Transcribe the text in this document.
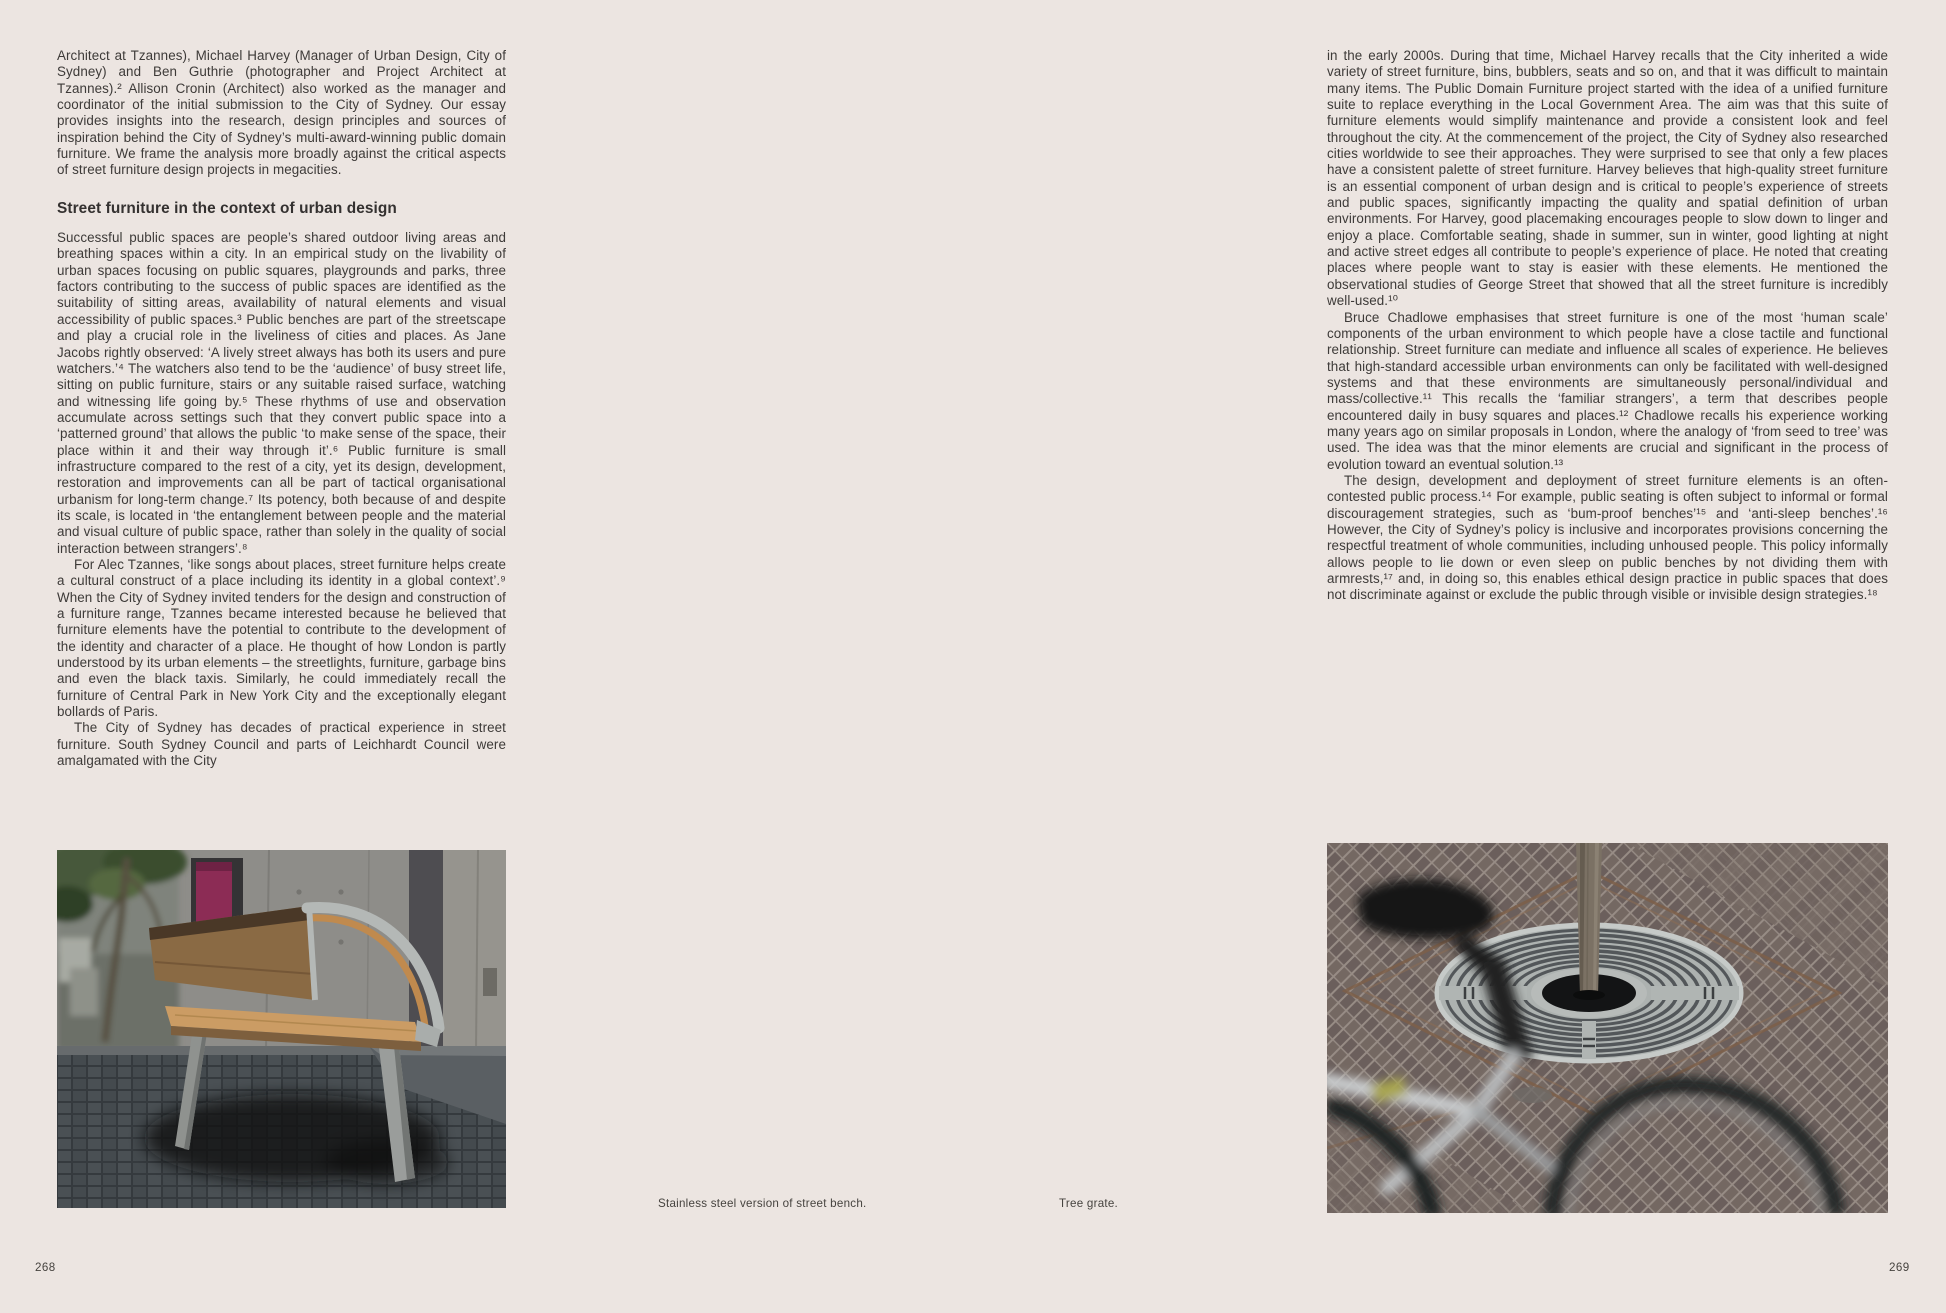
Architect at Tzannes), Michael Harvey (Manager of Urban Design, City of Sydney) and Ben Guthrie (photographer and Project Architect at Tzannes).² Allison Cronin (Architect) also worked as the manager and coordinator of the initial submission to the City of Sydney. Our essay provides insights into the research, design principles and sources of inspiration behind the City of Sydney’s multi-award-winning public domain furniture. We frame the analysis more broadly against the critical aspects of street furniture design projects in megacities.

Street furniture in the context of urban design

Successful public spaces are people’s shared outdoor living areas and breathing spaces within a city. In an empirical study on the livability of urban spaces focusing on public squares, playgrounds and parks, three factors contributing to the success of public spaces are identified as the suitability of sitting areas, availability of natural elements and visual accessibility of public spaces.³ Public benches are part of the streetscape and play a crucial role in the liveliness of cities and places. As Jane Jacobs rightly observed: ‘A lively street always has both its users and pure watchers.’⁴ The watchers also tend to be the ‘audience’ of busy street life, sitting on public furniture, stairs or any suitable raised surface, watching and witnessing life going by.⁵ These rhythms of use and observation accumulate across settings such that they convert public space into a ‘patterned ground’ that allows the public ‘to make sense of the space, their place within it and their way through it’.⁶ Public furniture is small infrastructure compared to the rest of a city, yet its design, development, restoration and improvements can all be part of tactical organisational urbanism for long-term change.⁷ Its potency, both because of and despite its scale, is located in ‘the entanglement between people and the material and visual culture of public space, rather than solely in the quality of social interaction between strangers’.⁸

For Alec Tzannes, ‘like songs about places, street furniture helps create a cultural construct of a place including its identity in a global context’.⁹ When the City of Sydney invited tenders for the design and construction of a furniture range, Tzannes became interested because he believed that furniture elements have the potential to contribute to the development of the identity and character of a place. He thought of how London is partly understood by its urban elements – the streetlights, furniture, garbage bins and even the black taxis. Similarly, he could immediately recall the furniture of Central Park in New York City and the exceptionally elegant bollards of Paris.

The City of Sydney has decades of practical experience in street furniture. South Sydney Council and parts of Leichhardt Council were amalgamated with the City

in the early 2000s. During that time, Michael Harvey recalls that the City inherited a wide variety of street furniture, bins, bubblers, seats and so on, and that it was difficult to maintain many items. The Public Domain Furniture project started with the idea of a unified furniture suite to replace everything in the Local Government Area. The aim was that this suite of furniture elements would simplify maintenance and provide a consistent look and feel throughout the city. At the commencement of the project, the City of Sydney also researched cities worldwide to see their approaches. They were surprised to see that only a few places have a consistent palette of street furniture. Harvey believes that high-quality street furniture is an essential component of urban design and is critical to people’s experience of streets and public spaces, significantly impacting the quality and spatial definition of urban environments. For Harvey, good placemaking encourages people to slow down to linger and enjoy a place. Comfortable seating, shade in summer, sun in winter, good lighting at night and active street edges all contribute to people’s experience of place. He noted that creating places where people want to stay is easier with these elements. He mentioned the observational studies of George Street that showed that all the street furniture is incredibly well-used.¹⁰

Bruce Chadlowe emphasises that street furniture is one of the most ‘human scale’ components of the urban environment to which people have a close tactile and functional relationship. Street furniture can mediate and influence all scales of experience. He believes that high-standard accessible urban environments can only be facilitated with well-designed systems and that these environments are simultaneously personal/individual and mass/collective.¹¹ This recalls the ‘familiar strangers’, a term that describes people encountered daily in busy squares and places.¹² Chadlowe recalls his experience working many years ago on similar proposals in London, where the analogy of ‘from seed to tree’ was used. The idea was that the minor elements are crucial and significant in the process of evolution toward an eventual solution.¹³

The design, development and deployment of street furniture elements is an often-contested public process.¹⁴ For example, public seating is often subject to informal or formal discouragement strategies, such as ‘bum-proof benches’¹⁵ and ‘anti-sleep benches’.¹⁶ However, the City of Sydney’s policy is inclusive and incorporates provisions concerning the respectful treatment of whole communities, including unhoused people. This policy informally allows people to lie down or even sleep on public benches by not dividing them with armrests,¹⁷ and, in doing so, this enables ethical design practice in public spaces that does not discriminate against or exclude the public through visible or invisible design strategies.¹⁸

Stainless steel version of street bench.	Tree grate.
268	269
